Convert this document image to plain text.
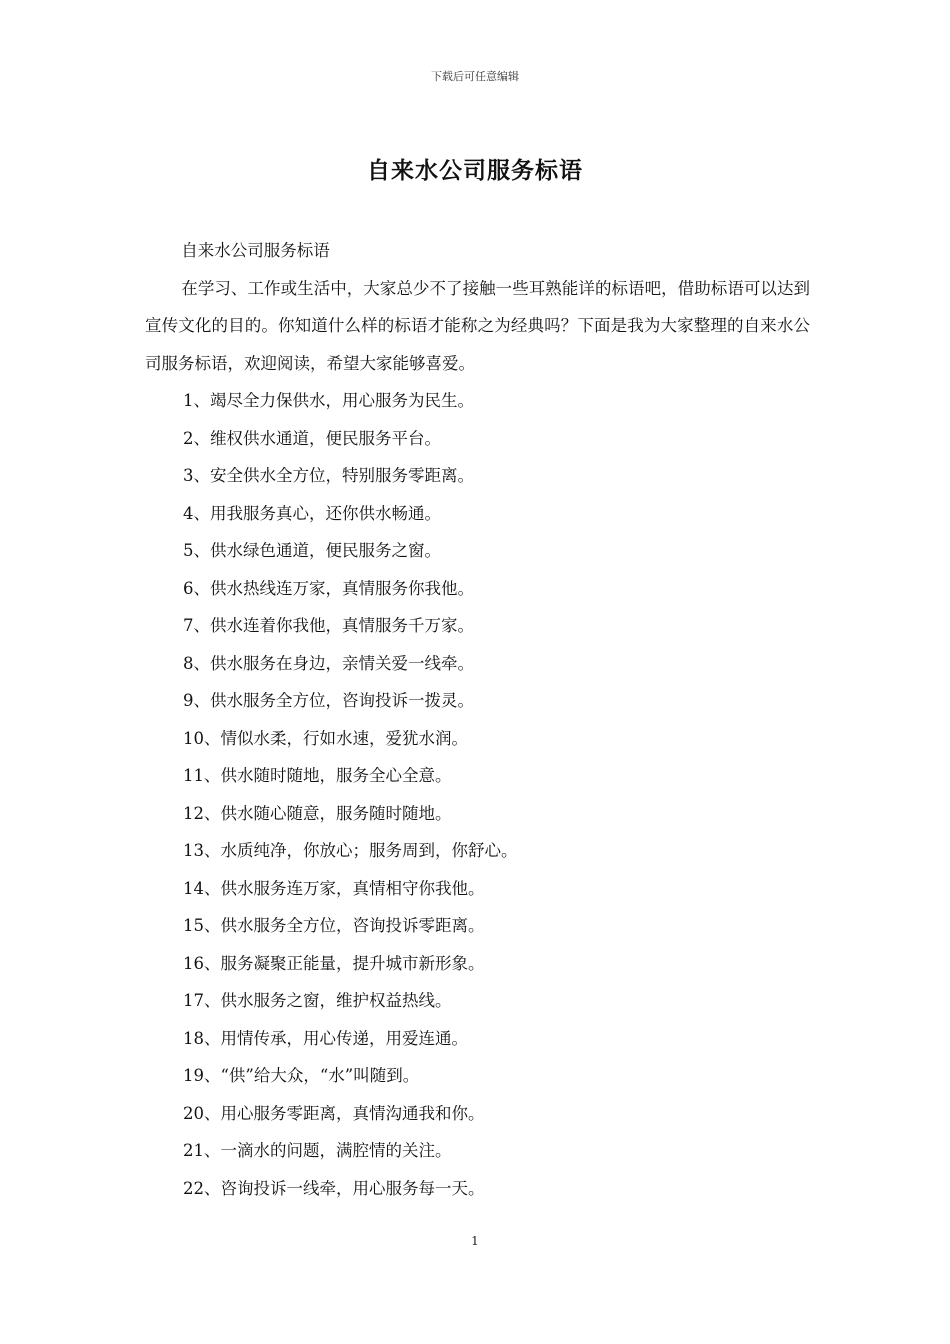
下载后可任意编辑
自来水公司服务标语

自来水公司服务标语

在学习、工作或生活中，大家总少不了接触一些耳熟能详的标语吧，借助标语可以达到宣传文化的目的。你知道什么样的标语才能称之为经典吗？下面是我为大家整理的自来水公司服务标语，欢迎阅读，希望大家能够喜爱。

1、竭尽全力保供水，用心服务为民生。
2、维权供水通道，便民服务平台。
3、安全供水全方位，特别服务零距离。
4、用我服务真心，还你供水畅通。
5、供水绿色通道，便民服务之窗。
6、供水热线连万家，真情服务你我他。
7、供水连着你我他，真情服务千万家。
8、供水服务在身边，亲情关爱一线牵。
9、供水服务全方位，咨询投诉一拨灵。
10、情似水柔，行如水速，爱犹水润。
11、供水随时随地，服务全心全意。
12、供水随心随意，服务随时随地。
13、水质纯净，你放心；服务周到，你舒心。
14、供水服务连万家，真情相守你我他。
15、供水服务全方位，咨询投诉零距离。
16、服务凝聚正能量，提升城市新形象。
17、供水服务之窗，维护权益热线。
18、用情传承，用心传递，用爱连通。
19、“供”给大众，“水”叫随到。
20、用心服务零距离，真情沟通我和你。
21、一滴水的问题，满腔情的关注。
22、咨询投诉一线牵，用心服务每一天。
1
